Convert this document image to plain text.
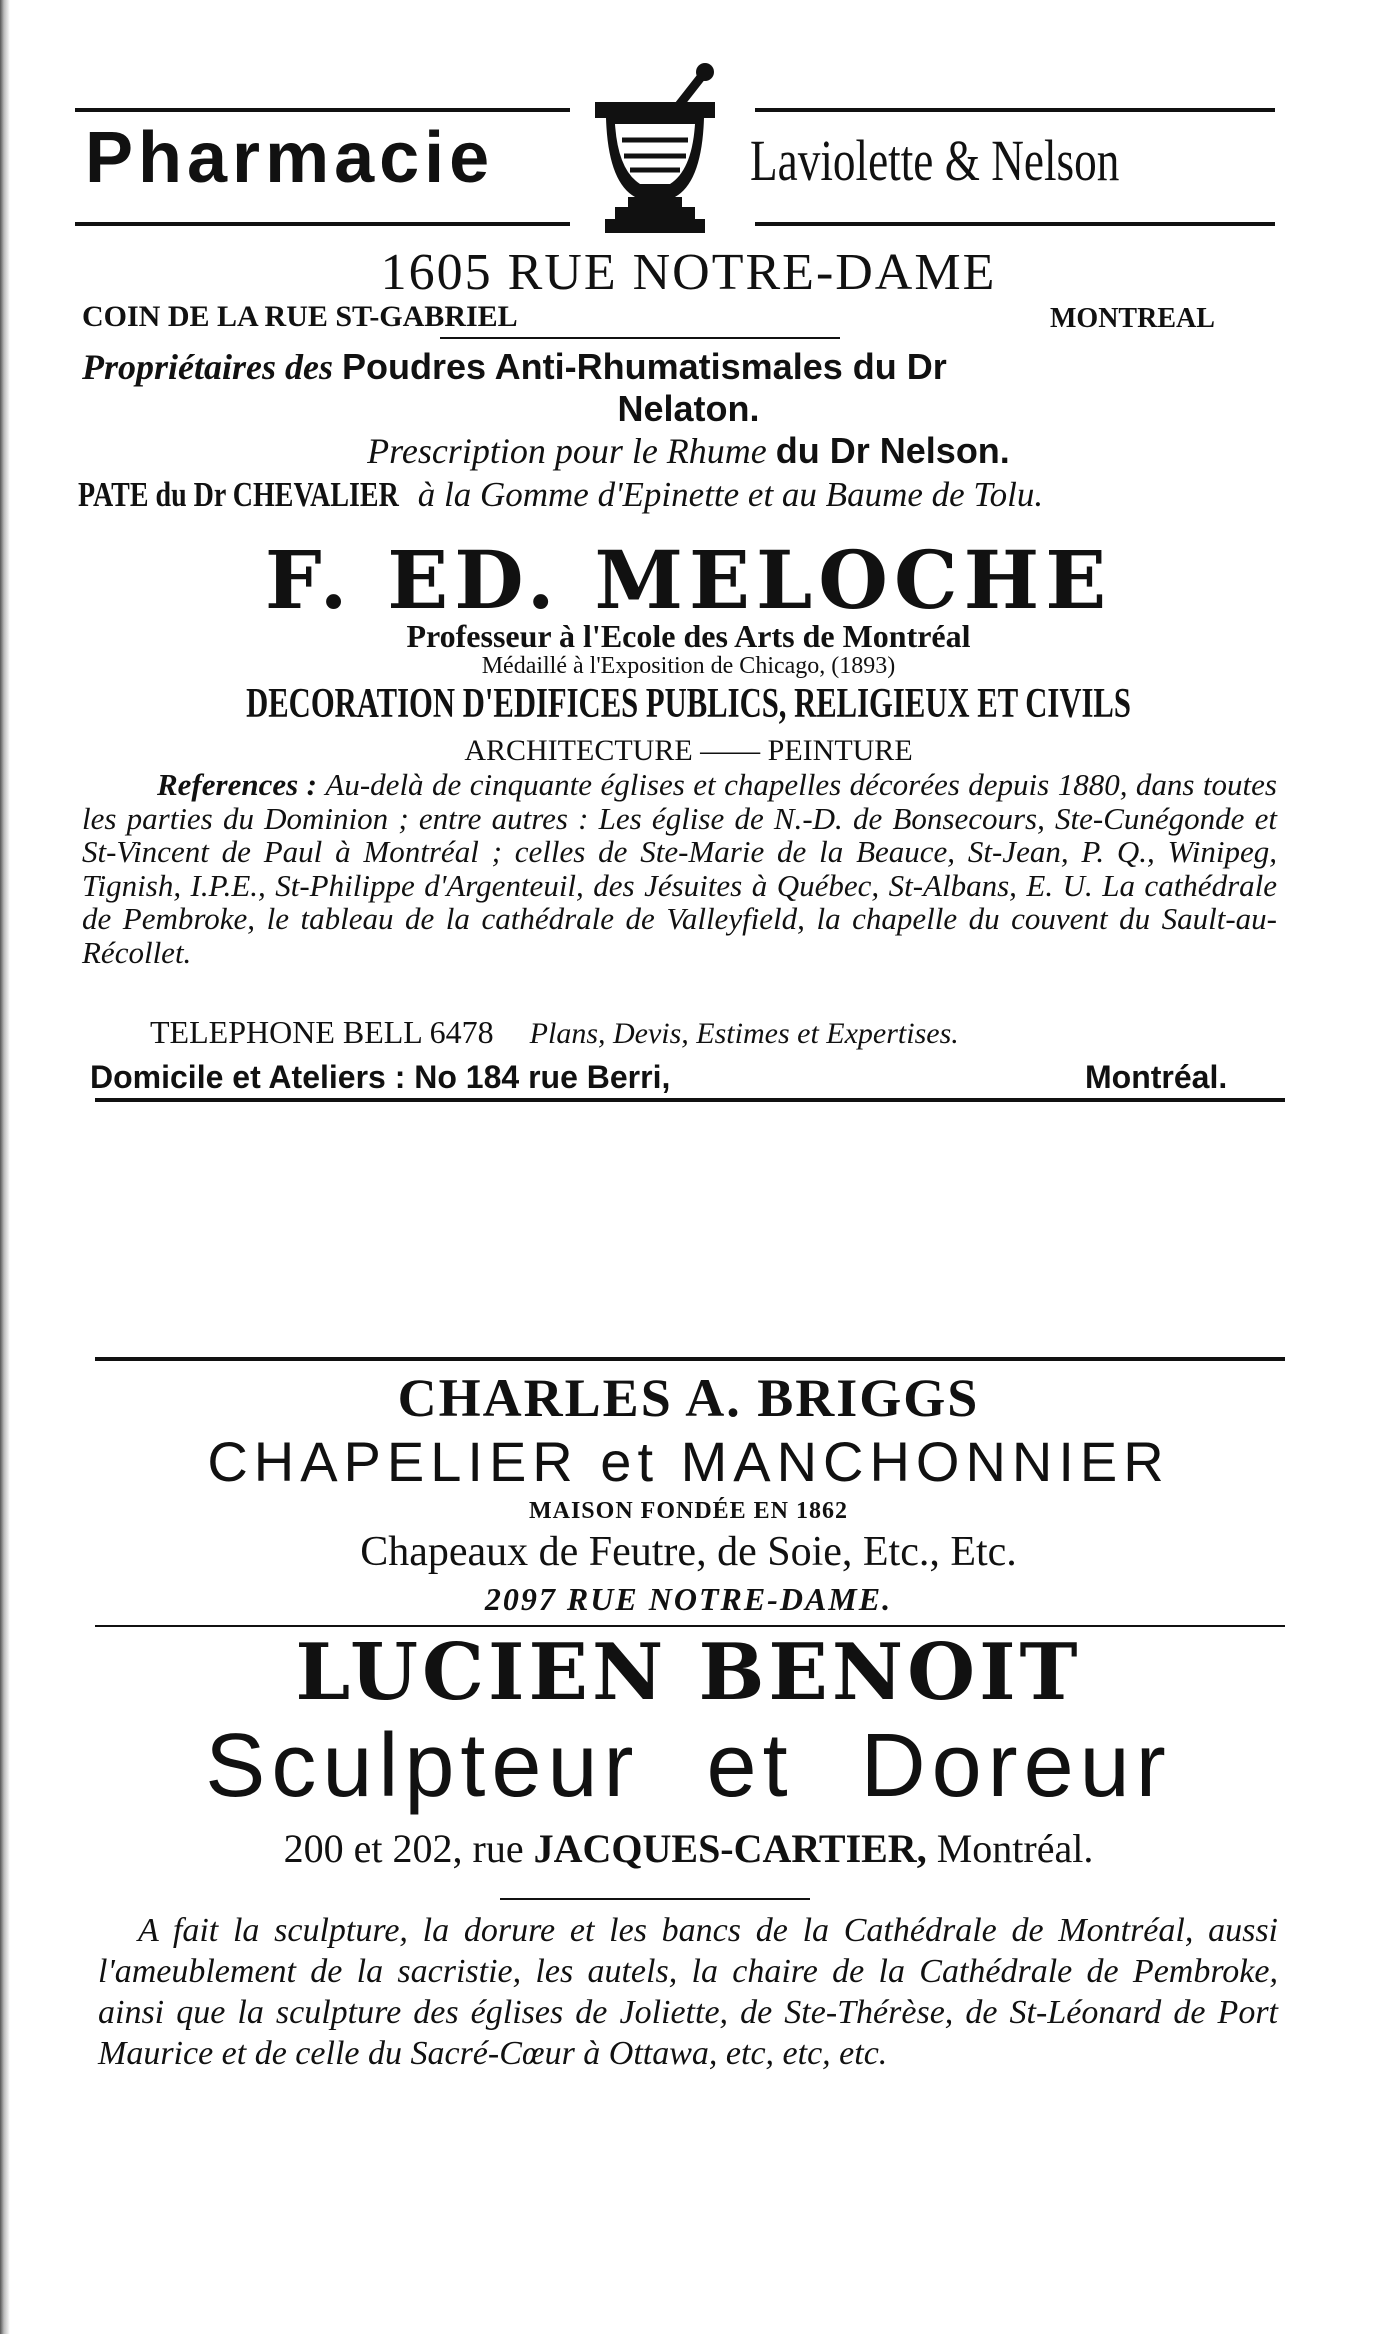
Pharmacie	Laviolette & Nelson
1605 RUE NOTRE-DAME
COIN DE LA RUE ST-GABRIEL	MONTREAL
Propriétaires des Poudres Anti-Rhumatismales du Dr
Nelaton.
Prescription pour le Rhume du Dr Nelson.
PATE du Dr CHEVALIER à la Gomme d'Epinette et au Baume de Tolu.
F. ED. MELOCHE
Professeur à l'Ecole des Arts de Montréal
Médaillé à l'Exposition de Chicago, (1893)
DECORATION D'EDIFICES PUBLICS, RELIGIEUX ET CIVILS
ARCHITECTURE —— PEINTURE
References : Au-delà de cinquante églises et chapelles décorées depuis 1880, dans toutes les parties du Dominion ; entre autres : Les église de N.-D. de Bonsecours, Ste-Cunégonde et St-Vincent de Paul à Montréal ; celles de Ste-Marie de la Beauce, St-Jean, P. Q., Winipeg, Tignish, I.P.E., St-Philippe d'Argenteuil, des Jésuites à Québec, St-Albans, E. U. La cathédrale de Pembroke, le tableau de la cathédrale de Valleyfield, la chapelle du couvent du Sault-au-Récollet.
TELEPHONE BELL 6478 Plans, Devis, Estimes et Expertises.
Domicile et Ateliers : No 184 rue Berri,	Montréal.
CHARLES A. BRIGGS
CHAPELIER et MANCHONNIER
MAISON FONDÉE EN 1862
Chapeaux de Feutre, de Soie, Etc., Etc.
2097 RUE NOTRE-DAME.
LUCIEN BENOIT
Sculpteur et Doreur
200 et 202, rue JACQUES-CARTIER, Montréal.
A fait la sculpture, la dorure et les bancs de la Cathédrale de Montréal, aussi l'ameublement de la sacristie, les autels, la chaire de la Cathédrale de Pembroke, ainsi que la sculpture des églises de Joliette, de Ste-Thérèse, de St-Léonard de Port Maurice et de celle du Sacré-Cœur à Ottawa, etc, etc, etc.
